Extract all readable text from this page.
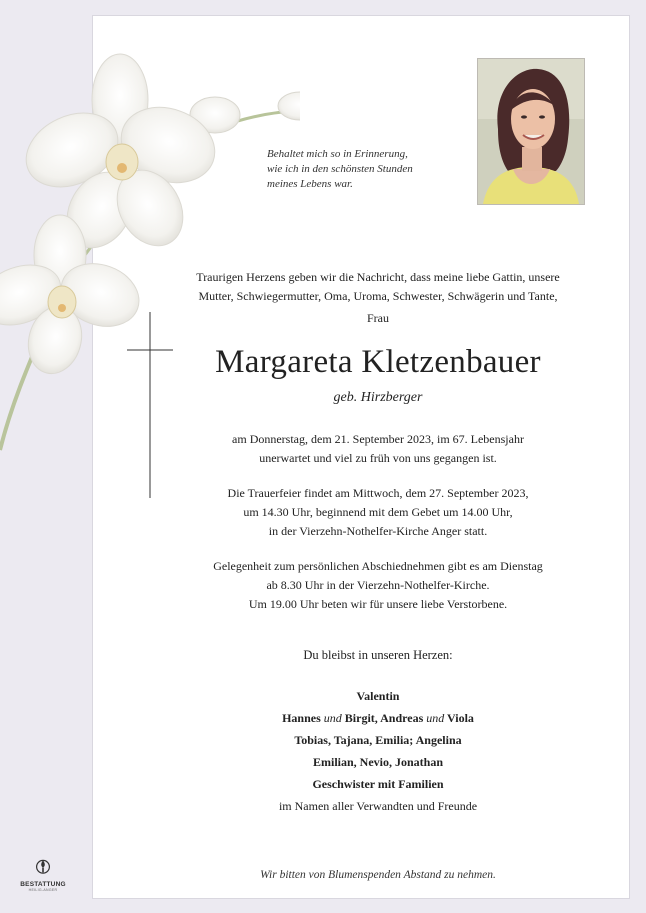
Behaltet mich so in Erinnerung,
wie ich in den schönsten Stunden
meines Lebens war.
Traurigen Herzens geben wir die Nachricht, dass meine liebe Gattin, unsere
Mutter, Schwiegermutter, Oma, Uroma, Schwester, Schwägerin und Tante,
Frau
Margareta Kletzenbauer
geb. Hirzberger
am Donnerstag, dem 21. September 2023, im 67. Lebensjahr
unerwartet und viel zu früh von uns gegangen ist.
Die Trauerfeier findet am Mittwoch, dem 27. September 2023,
um 14.30 Uhr, beginnend mit dem Gebet um 14.00 Uhr,
in der Vierzehn-Nothelfer-Kirche Anger statt.
Gelegenheit zum persönlichen Abschiednehmen gibt es am Dienstag
ab 8.30 Uhr in der Vierzehn-Nothelfer-Kirche.
Um 19.00 Uhr beten wir für unsere liebe Verstorbene.
Du bleibst in unseren Herzen:
Valentin
Hannes und Birgit, Andreas und Viola
Tobias, Tajana, Emilia; Angelina
Emilian, Nevio, Jonathan
Geschwister mit Familien
im Namen aller Verwandten und Freunde
Wir bitten von Blumenspenden Abstand zu nehmen.
BESTATTUNG
HEILIG-ANGER
